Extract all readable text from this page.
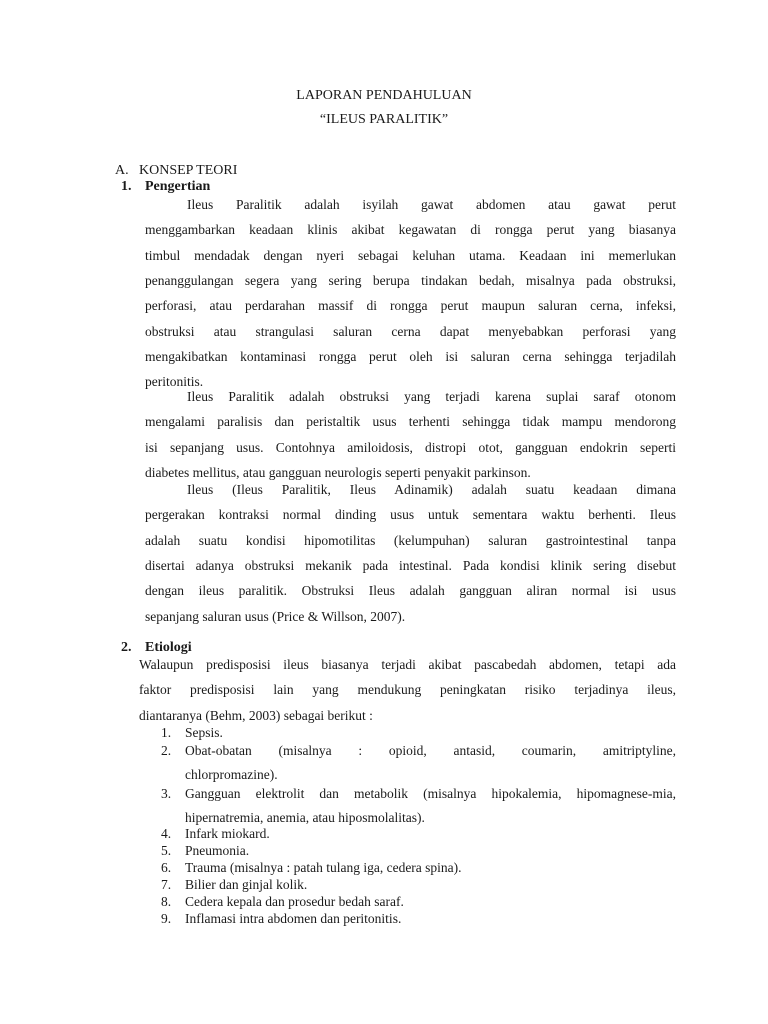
LAPORAN PENDAHULUAN
“ILEUS PARALITIK”
A. KONSEP TEORI
1. Pengertian
Ileus Paralitik adalah isyilah gawat abdomen atau gawat perut
menggambarkan keadaan klinis akibat kegawatan di rongga perut yang biasanya
timbul mendadak dengan nyeri sebagai keluhan utama. Keadaan ini memerlukan
penanggulangan segera yang sering berupa tindakan bedah, misalnya pada obstruksi,
perforasi, atau perdarahan massif di rongga perut maupun saluran cerna, infeksi,
obstruksi atau strangulasi saluran cerna dapat menyebabkan perforasi yang
mengakibatkan kontaminasi rongga perut oleh isi saluran cerna sehingga terjadilah
peritonitis.
Ileus Paralitik adalah obstruksi yang terjadi karena suplai saraf otonom
mengalami paralisis dan peristaltik usus terhenti sehingga tidak mampu mendorong
isi sepanjang usus. Contohnya amiloidosis, distropi otot, gangguan endokrin seperti
diabetes mellitus, atau gangguan neurologis seperti penyakit parkinson.
Ileus (Ileus Paralitik, Ileus Adinamik) adalah suatu keadaan dimana
pergerakan kontraksi normal dinding usus untuk sementara waktu berhenti. Ileus
adalah suatu kondisi hipomotilitas (kelumpuhan) saluran gastrointestinal tanpa
disertai adanya obstruksi mekanik pada intestinal. Pada kondisi klinik sering disebut
dengan ileus paralitik. Obstruksi Ileus adalah gangguan aliran normal isi usus
sepanjang saluran usus (Price & Willson, 2007).
2. Etiologi
Walaupun predisposisi ileus biasanya terjadi akibat pascabedah abdomen, tetapi ada
faktor predisposisi lain yang mendukung peningkatan risiko terjadinya ileus,
diantaranya (Behm, 2003) sebagai berikut :
1. Sepsis.
2. Obat-obatan (misalnya : opioid, antasid, coumarin, amitriptyline,
chlorpromazine).
3. Gangguan elektrolit dan metabolik (misalnya hipokalemia, hipomagnese-mia,
hipernatremia, anemia, atau hiposmolalitas).
4. Infark miokard.
5. Pneumonia.
6. Trauma (misalnya : patah tulang iga, cedera spina).
7. Bilier dan ginjal kolik.
8. Cedera kepala dan prosedur bedah saraf.
9. Inflamasi intra abdomen dan peritonitis.
